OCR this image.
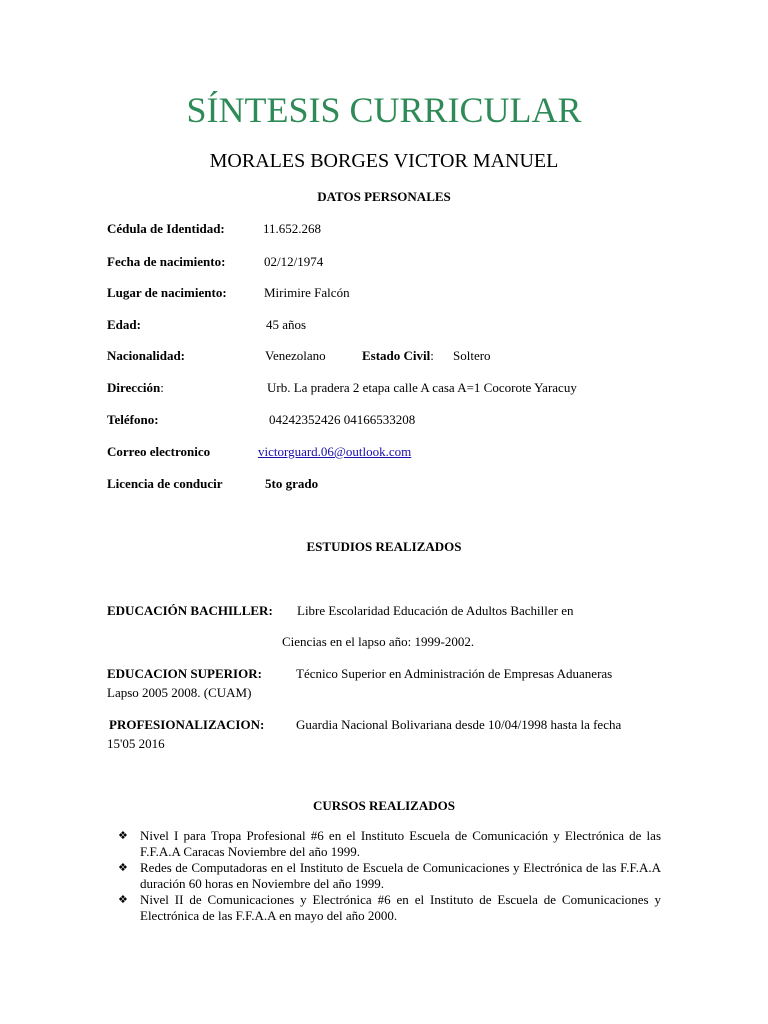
SÍNTESIS CURRICULAR
MORALES BORGES VICTOR MANUEL
DATOS PERSONALES
Cédula de Identidad:	11.652.268
Fecha de nacimiento:	02/12/1974
Lugar de nacimiento:	Mirimire Falcón
Edad:	45 años
Nacionalidad:	Venezolano	Estado Civil: Soltero
Dirección:	Urb. La pradera 2 etapa calle A casa A=1 Cocorote Yaracuy
Teléfono:	04242352426 04166533208
Correo electronico	victorguard.06@outlook.com
Licencia de conducir	5to grado
ESTUDIOS REALIZADOS
EDUCACIÓN BACHILLER: Libre Escolaridad Educación de Adultos Bachiller en
Ciencias en el lapso año: 1999-2002.
EDUCACION SUPERIOR:	Técnico Superior en Administración de Empresas Aduaneras
Lapso 2005 2008. (CUAM)
PROFESIONALIZACION: Guardia Nacional Bolivariana desde 10/04/1998 hasta la fecha
15'05 2016
CURSOS REALIZADOS
❖ Nivel I para Tropa Profesional #6 en el Instituto Escuela de Comunicación y Electrónica de las F.F.A.A Caracas Noviembre del año 1999.
❖ Redes de Computadoras en el Instituto de Escuela de Comunicaciones y Electrónica de las F.F.A.A duración 60 horas en Noviembre del año 1999.
❖ Nivel II de Comunicaciones y Electrónica #6 en el Instituto de Escuela de Comunicaciones y Electrónica de las F.F.A.A en mayo del año 2000.
